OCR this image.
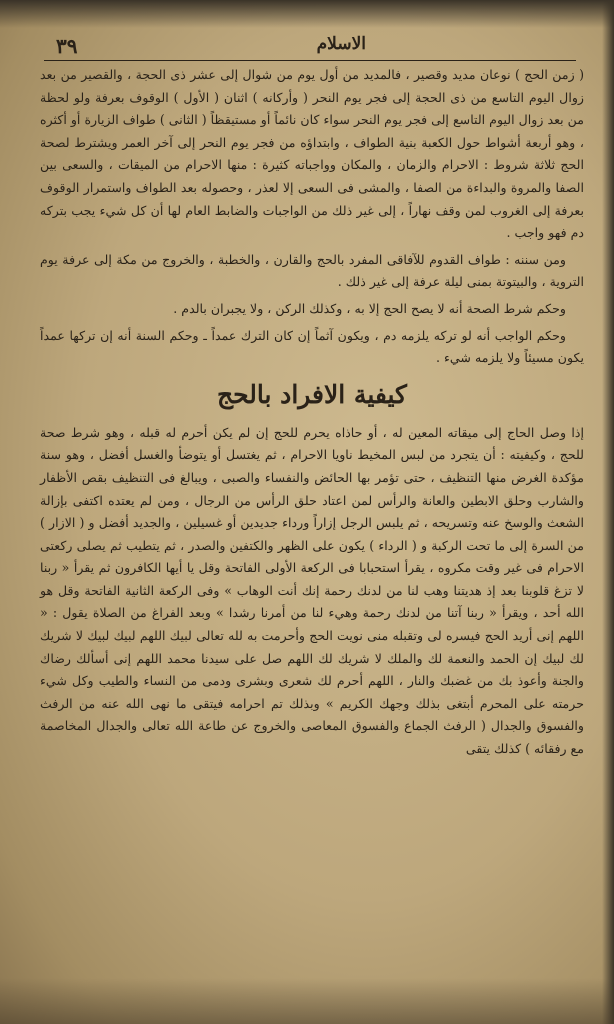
الاسلام
٣٩

( زمن الحج ) نوعان مديد وقصير ، فالمديد من أول يوم من شوال إلى عشر ذى الحجة ، والقصير من بعد زوال اليوم التاسع من ذى الحجة إلى فجر يوم النحر ( وأركانه ) اثنان ( الأول ) الوقوف بعرفة ولو لحظة من بعد زوال اليوم التاسع إلى فجر يوم النحر سواء كان نائماً أو مستيقظاً ( الثانى ) طواف الزيارة أو أكثره ، وهو أربعة أشواط حول الكعبة بنية الطواف ، وابتداؤه من فجر يوم النحر إلى آخر العمر ويشترط لصحة الحج ثلاثة شروط : الاحرام والزمان ، والمكان وواجباته كثيرة : منها الاحرام من الميقات ، والسعى بين الصفا والمروة والبداءة من الصفا ، والمشى فى السعى إلا لعذر ، وحصوله بعد الطواف واستمرار الوقوف بعرفة إلى الغروب لمن وقف نهاراً ، إلى غير ذلك من الواجبات والضابط العام لها أن كل شيء يجب بتركه دم فهو واجب .

ومن سننه : طواف القدوم للآفاقى المفرد بالحج والقارن ، والخطبة ، والخروج من مكة إلى عرفة يوم التروية ، والبيتوتة بمنى ليلة عرفة إلى غير ذلك .

وحكم شرط الصحة أنه لا يصح الحج إلا به ، وكذلك الركن ، ولا يجبران بالدم .

وحكم الواجب أنه لو تركه يلزمه دم ، ويكون آثماً إن كان الترك عمداً ـ وحكم السنة أنه إن تركها عمداً يكون مسيئاً ولا يلزمه شيء .

كيفية الافراد بالحج

إذا وصل الحاج إلى ميقاته المعين له ، أو حاذاه يحرم للحج إن لم يكن أحرم له قبله ، وهو شرط صحة للحج ، وكيفيته : أن يتجرد من لبس المخيط ناويا الاحرام ، ثم يغتسل أو يتوضأ والغسل أفضل ، وهو سنة مؤكدة الغرض منها التنظيف ، حتى تؤمر بها الحائض والنفساء والصبى ، ويبالغ فى التنظيف بقص الأظفار والشارب وحلق الابطين والعانة والرأس لمن اعتاد حلق الرأس من الرجال ، ومن لم يعتده اكتفى بإزالة الشعث والوسخ عنه وتسريحه ، ثم يلبس الرجل إزاراً ورداء جديدين أو غسيلين ، والجديد أفضل و ( الازار ) من السرة إلى ما تحت الركبة و ( الرداء ) يكون على الظهر والكتفين والصدر ، ثم يتطيب ثم يصلى ركعتى الاحرام فى غير وقت مكروه ، يقرأ استحبابا فى الركعة الأولى الفاتحة وقل يا أيها الكافرون ثم يقرأ « ربنا لا تزغ قلوبنا بعد إذ هديتنا وهب لنا من لدنك رحمة إنك أنت الوهاب » وفى الركعة الثانية الفاتحة وقل هو الله أحد ، ويقرأ « ربنا آتنا من لدنك رحمة وهيء لنا من أمرنا رشدا » وبعد الفراغ من الصلاة يقول : « اللهم إنى أريد الحج فيسره لى وتقبله منى نويت الحج وأحرمت به لله تعالى لبيك اللهم لبيك لبيك لا شريك لك لبيك إن الحمد والنعمة لك والملك لا شريك لك اللهم صل على سيدنا محمد اللهم إنى أسألك رضاك والجنة وأعوذ بك من غضبك والنار ، اللهم أحرم لك شعرى وبشرى ودمى من النساء والطيب وكل شيء حرمته على المحرم أبتغى بذلك وجهك الكريم » وبذلك تم احرامه فيتقى ما نهى الله عنه من الرفث والفسوق والجدال ( الرفث الجماع والفسوق المعاصى والخروج عن طاعة الله تعالى والجدال المخاصمة مع رفقائه ) كذلك يتقى
